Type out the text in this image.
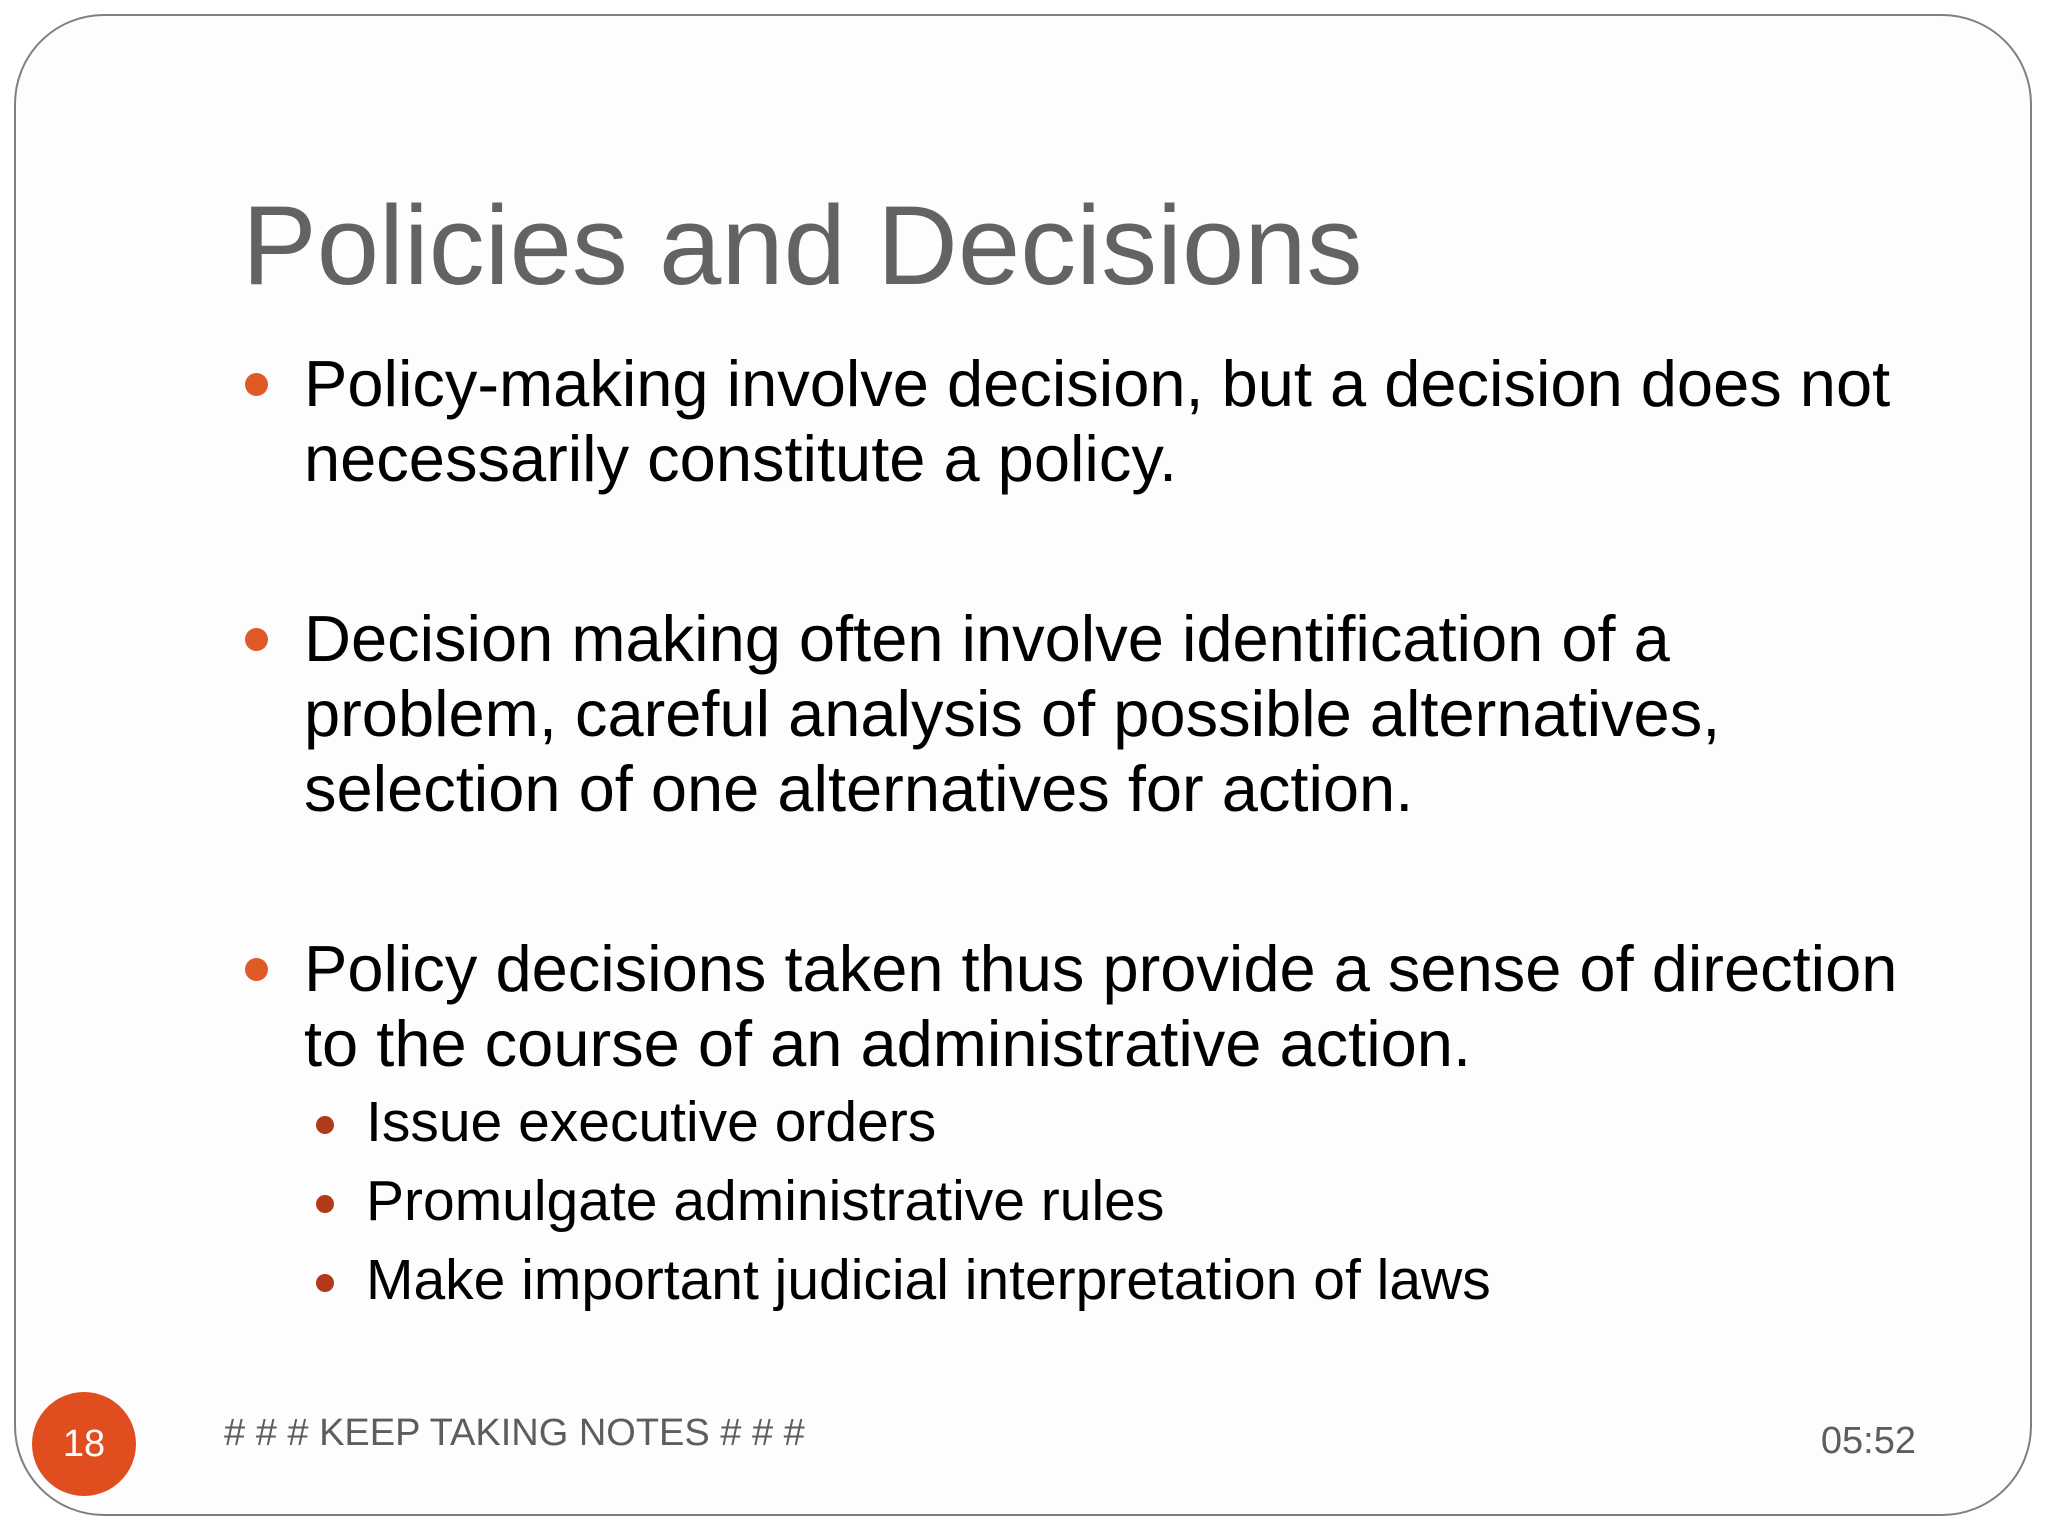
Policies and Decisions
Policy-making involve decision, but a decision does not necessarily constitute a policy.
Decision making often involve identification of a problem, careful analysis of possible alternatives, selection of one alternatives for action.
Policy decisions taken thus provide a sense of direction to the course of an administrative action.
Issue executive orders
Promulgate administrative rules
Make important judicial interpretation of laws
18	# # # KEEP TAKING NOTES # # #	05:52
